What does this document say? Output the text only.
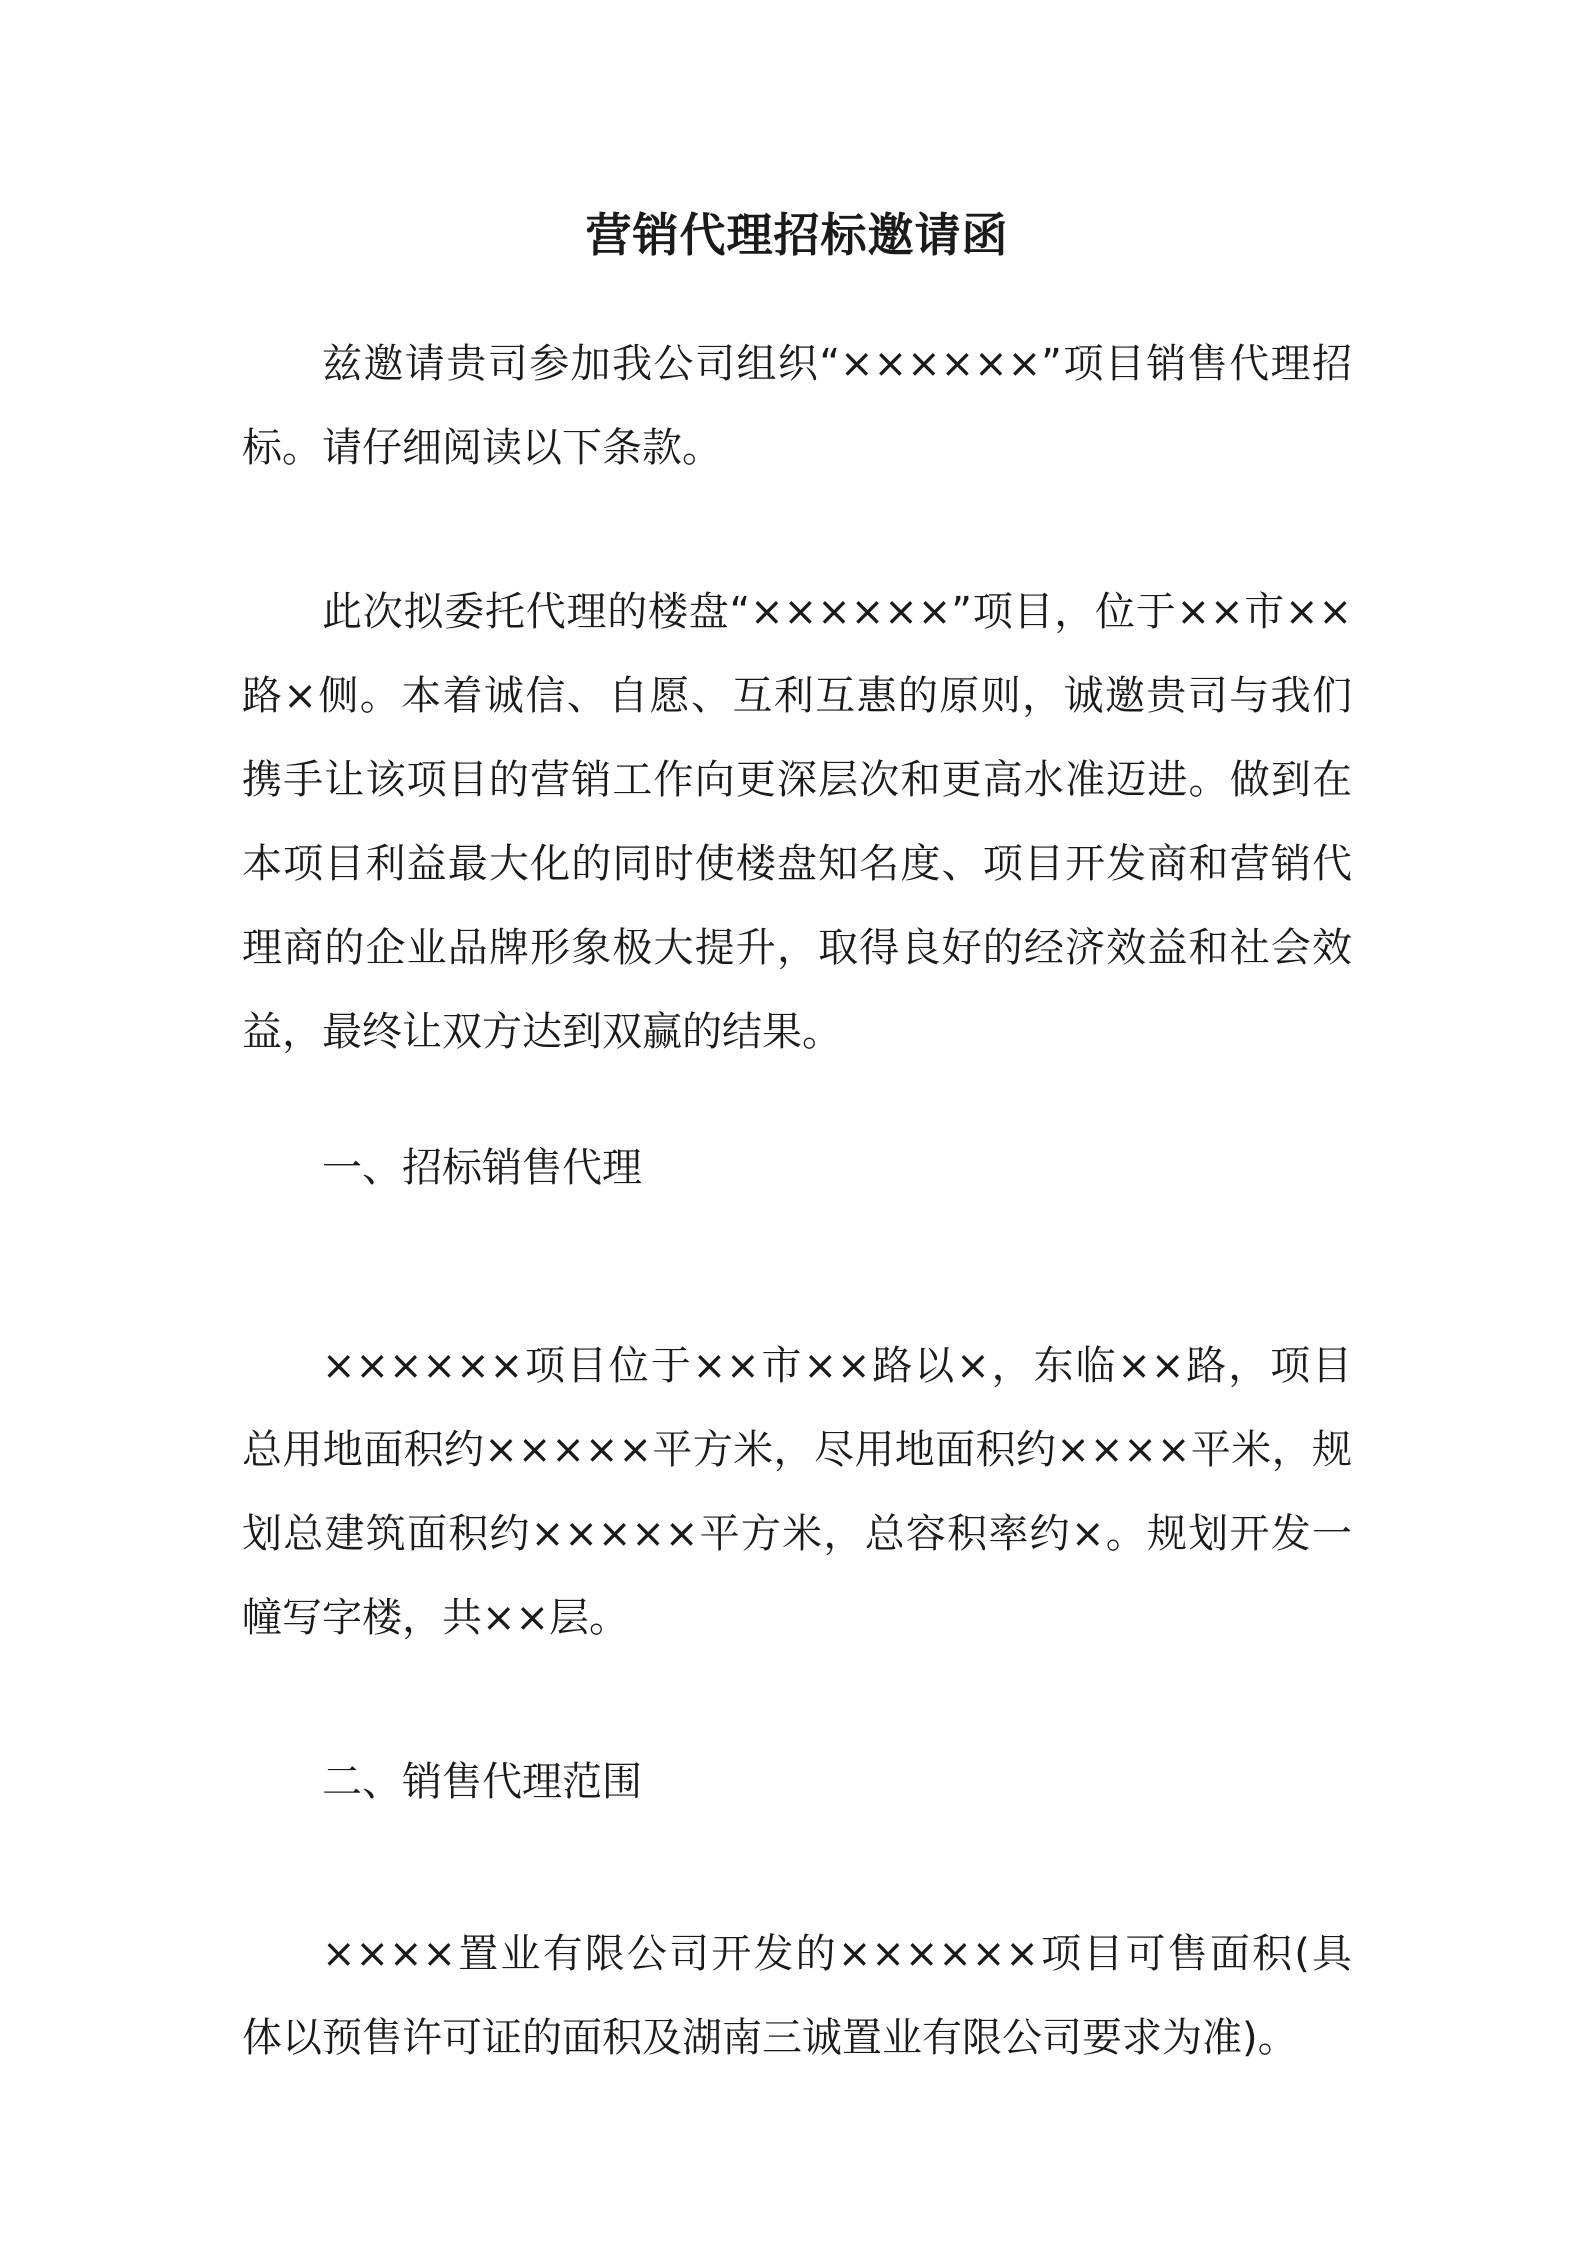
营销代理招标邀请函

兹邀请贵司参加我公司组织“××××××”项目销售代理招标。请仔细阅读以下条款。

此次拟委托代理的楼盘“××××××”项目，位于××市××路×侧。本着诚信、自愿、互利互惠的原则，诚邀贵司与我们携手让该项目的营销工作向更深层次和更高水准迈进。做到在本项目利益最大化的同时使楼盘知名度、项目开发商和营销代理商的企业品牌形象极大提升，取得良好的经济效益和社会效益，最终让双方达到双赢的结果。

一、招标销售代理

××××××项目位于××市××路以×，东临××路，项目总用地面积约×××××平方米，尽用地面积约××××平米，规划总建筑面积约×××××平方米，总容积率约×。规划开发一幢写字楼，共××层。

二、销售代理范围

××××置业有限公司开发的××××××项目可售面积(具体以预售许可证的面积及湖南三诚置业有限公司要求为准)。
